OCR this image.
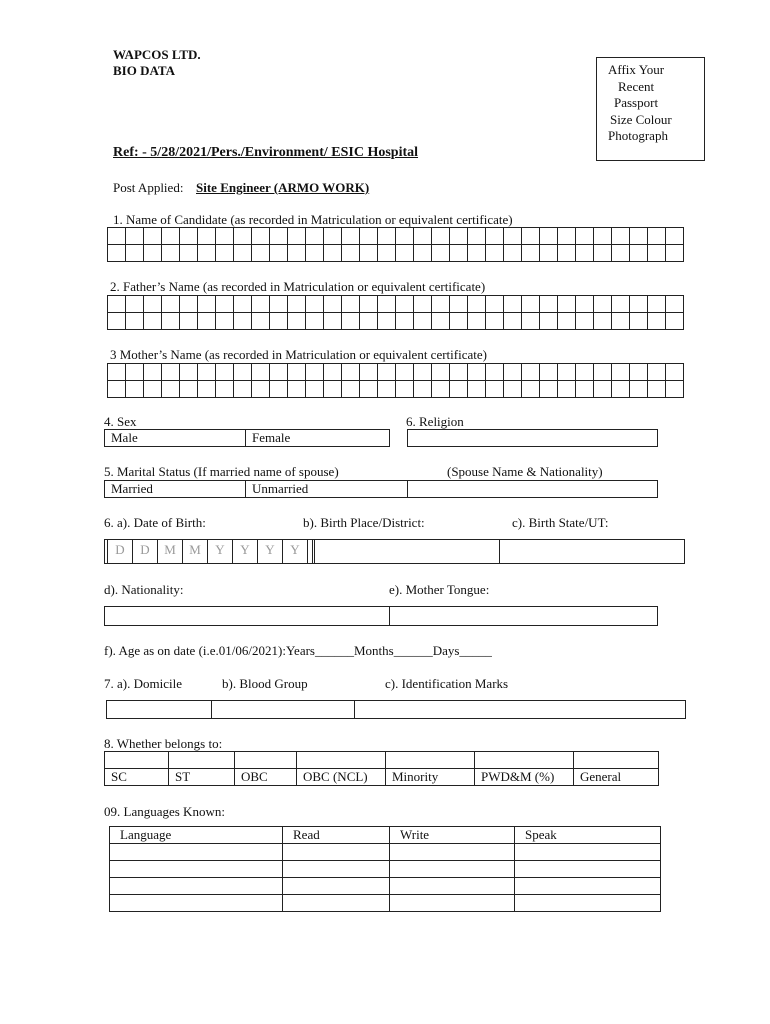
WAPCOS LTD.
BIO DATA	Affix Your
Recent
Passport
Size Colour
Photograph
Ref: - 5/28/2021/Pers./Environment/ ESIC Hospital
Post Applied: Site Engineer (ARMO WORK)
1. Name of Candidate (as recorded in Matriculation or equivalent certificate)

2. Father’s Name (as recorded in Matriculation or equivalent certificate)

3 Mother’s Name (as recorded in Matriculation or equivalent certificate)

4. Sex	6. Religion
Male	Female
5. Marital Status (If married name of spouse)	(Spouse Name & Nationality)
Married	Unmarried
6. a). Date of Birth:	b). Birth Place/District:	c). Birth State/UT:
D	D	M	M	Y	Y	Y	Y
d). Nationality:	e). Mother Tongue:
f). Age as on date (i.e.01/06/2021):Years______Months______Days_____
7. a). Domicile	b). Blood Group	c). Identification Marks
8. Whether belongs to:

SC	ST	OBC	OBC (NCL)	Minority	PWD&M (%)	General
09. Languages Known:
Language	Read	Write	Speak
